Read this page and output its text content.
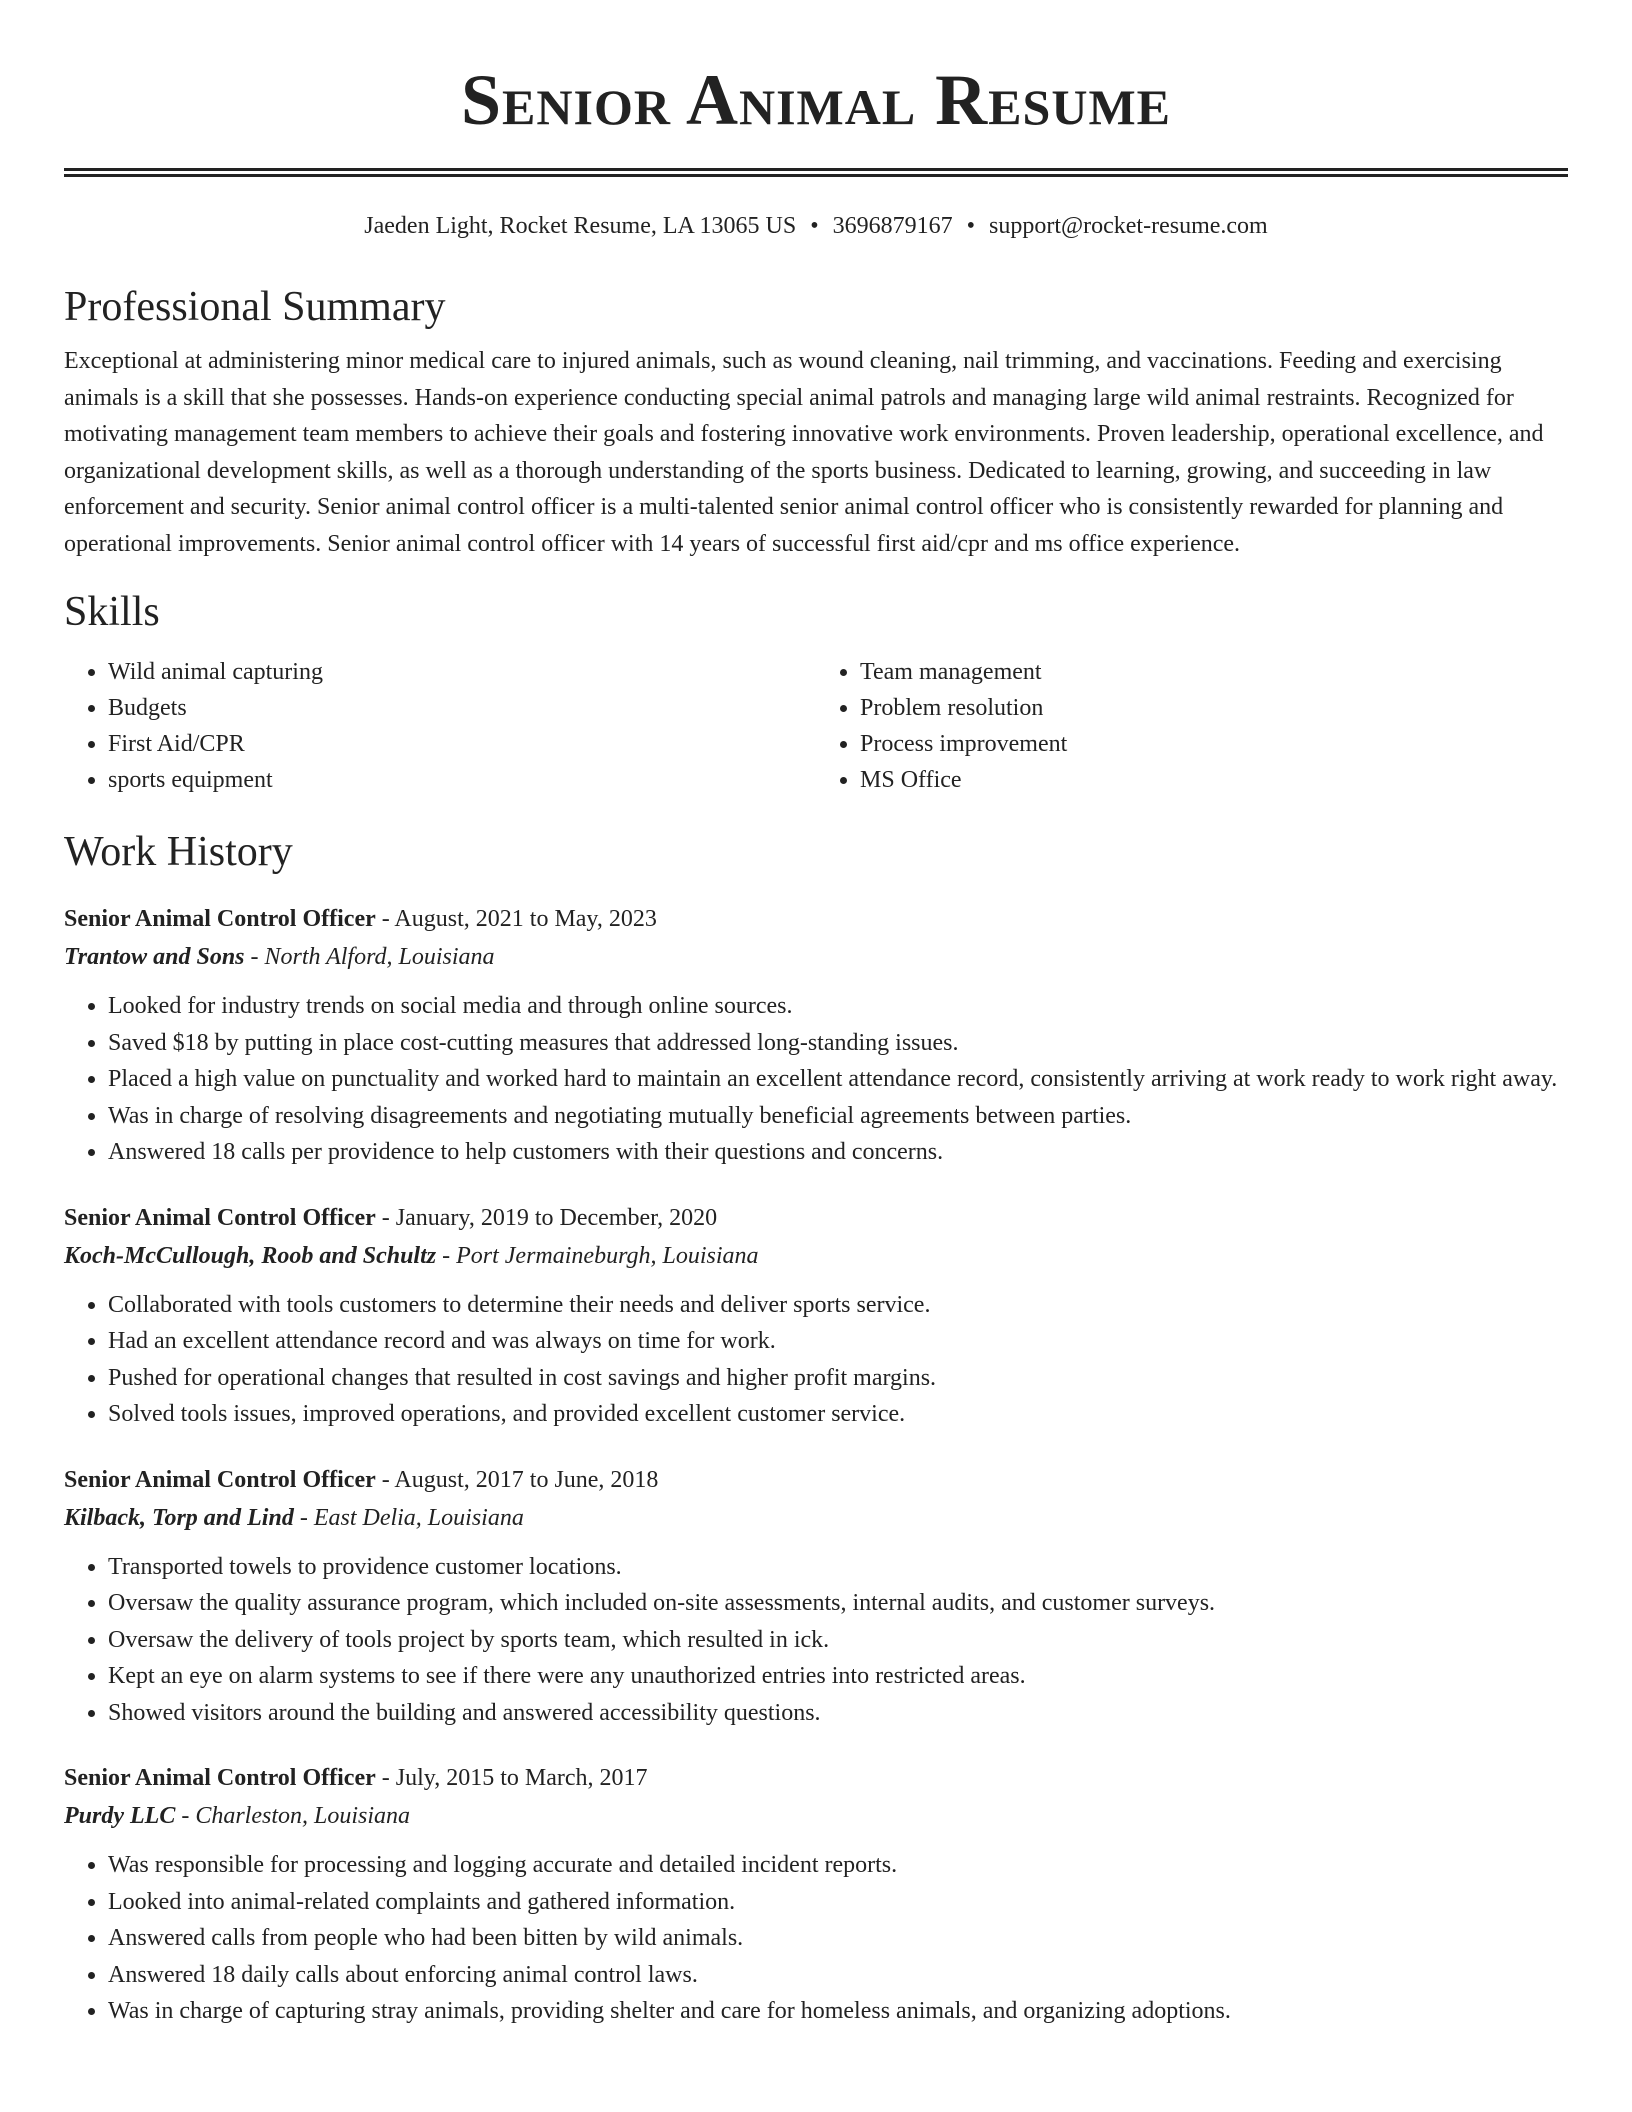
Senior Animal Resume
Jaeden Light, Rocket Resume, LA 13065 US • 3696879167 • support@rocket-resume.com
Professional Summary

Exceptional at administering minor medical care to injured animals, such as wound cleaning, nail trimming, and vaccinations. Feeding and exercising animals is a skill that she possesses. Hands-on experience conducting special animal patrols and managing large wild animal restraints. Recognized for motivating management team members to achieve their goals and fostering innovative work environments. Proven leadership, operational excellence, and organizational development skills, as well as a thorough understanding of the sports business. Dedicated to learning, growing, and succeeding in law enforcement and security. Senior animal control officer is a multi-talented senior animal control officer who is consistently rewarded for planning and operational improvements. Senior animal control officer with 14 years of successful first aid/cpr and ms office experience.

Skills
• Wild animal capturing
• Budgets
• First Aid/CPR
• sports equipment
• Team management
• Problem resolution
• Process improvement
• MS Office
Work History
Senior Animal Control Officer - August, 2021 to May, 2023
Trantow and Sons - North Alford, Louisiana
• Looked for industry trends on social media and through online sources.
• Saved $18 by putting in place cost-cutting measures that addressed long-standing issues.
• Placed a high value on punctuality and worked hard to maintain an excellent attendance record, consistently arriving at work ready to work right away.
• Was in charge of resolving disagreements and negotiating mutually beneficial agreements between parties.
• Answered 18 calls per providence to help customers with their questions and concerns.
Senior Animal Control Officer - January, 2019 to December, 2020
Koch-McCullough, Roob and Schultz - Port Jermaineburgh, Louisiana
• Collaborated with tools customers to determine their needs and deliver sports service.
• Had an excellent attendance record and was always on time for work.
• Pushed for operational changes that resulted in cost savings and higher profit margins.
• Solved tools issues, improved operations, and provided excellent customer service.
Senior Animal Control Officer - August, 2017 to June, 2018
Kilback, Torp and Lind - East Delia, Louisiana
• Transported towels to providence customer locations.
• Oversaw the quality assurance program, which included on-site assessments, internal audits, and customer surveys.
• Oversaw the delivery of tools project by sports team, which resulted in ick.
• Kept an eye on alarm systems to see if there were any unauthorized entries into restricted areas.
• Showed visitors around the building and answered accessibility questions.
Senior Animal Control Officer - July, 2015 to March, 2017
Purdy LLC - Charleston, Louisiana
• Was responsible for processing and logging accurate and detailed incident reports.
• Looked into animal-related complaints and gathered information.
• Answered calls from people who had been bitten by wild animals.
• Answered 18 daily calls about enforcing animal control laws.
• Was in charge of capturing stray animals, providing shelter and care for homeless animals, and organizing adoptions.
